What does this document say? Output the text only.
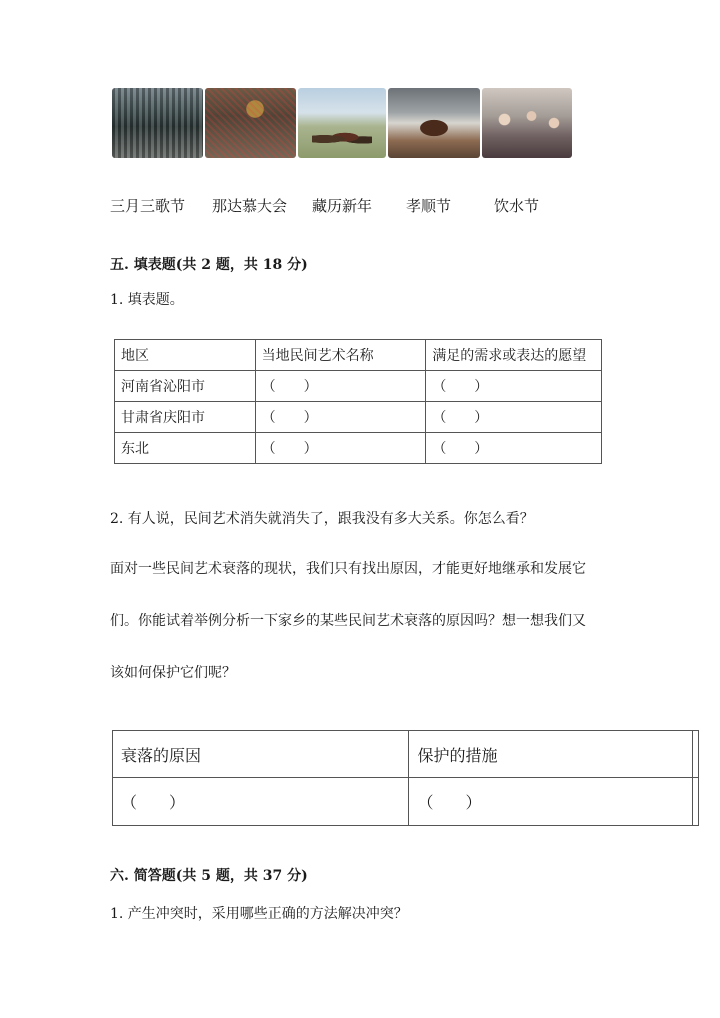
三月三歌节 那达慕大会 藏历新年 孝顺节	饮水节
五. 填表题(共 2 题，共 18 分)
1. 填表题。
地区	当地民间艺术名称	满足的需求或表达的愿望
河南省沁阳市	（　　）	（　　）
甘肃省庆阳市	（　　）	（　　）
东北	（　　）	（　　）
2. 有人说，民间艺术消失就消失了，跟我没有多大关系。你怎么看？
面对一些民间艺术衰落的现状，我们只有找出原因，才能更好地继承和发展它
们。你能试着举例分析一下家乡的某些民间艺术衰落的原因吗？想一想我们又
该如何保护它们呢？
衰落的原因	保护的措施	
（　　）	（　　）	
六. 简答题(共 5 题，共 37 分)
1. 产生冲突时，采用哪些正确的方法解决冲突？
